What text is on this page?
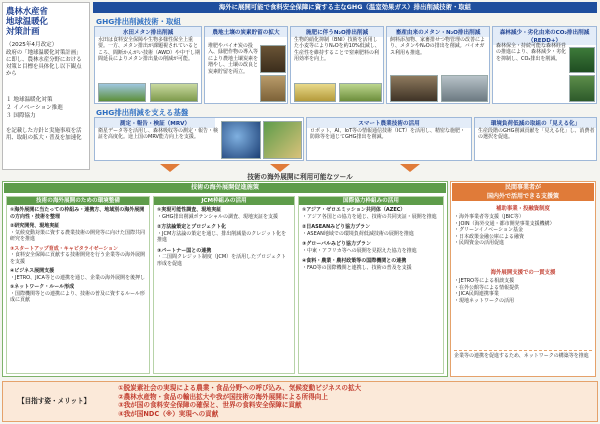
農林水産省
地球温暖化
対策計画
（2025年4月改定）
政府の「地球温暖化対策計画」に即し、農林水産分野における対策と目標を具体化し以下観点から
１ 地球温暖化対策
２ イノベーション推進
３ 国際協力
を記載した方針と実施事項を活用、取組の拡大・普及を加速化
海外に展開可能で食料安全保障に資する主なGHG（温室効果ガス）排出削減技術・取組
GHG排出削減技術・取組
水田メタン排出削減
水田は食料安全保障や生物多様性保全上重要。一方、メタン排出が課題視されているところ、間断かんがい技術（AWD）や中干し期間延長によりメタン排出量の削減が可能。
農地土壌の炭素貯留の拡大
堆肥やバイオ炭の投入、緑肥作物の導入等により農地土壌炭素を増やし、土壌の改良と炭素貯留を両立。
施肥に伴うN₂O排出削減
生物的硝化抑制（BNI）技術を活用した小麦等によりN₂Oを約10%低減し、生産性を維持することで窒素肥料の利用効率を向上。
畜産由来のメタン・N₂O排出削減
飼料添加物、家畜排せつ物管理の改善により、メタンやN₂Oの排出を削減。バイオガス利用も推進。
森林減少・劣化由来のCO₂排出削減（REDD+）
森林保全・持続可能な森林経営の推進により、森林減少・劣化を抑制し、CO₂排出を削減。
GHG排出削減を支える基盤
測定・報告・検証（MRV）
衛星データ等を活用し、森林吸収等の測定・報告・検証を高度化。途上国のMRV能力向上を支援。
スマート農業技術の活用
ロボット、AI、IoT等の情報通信技術（ICT）を活用し、精密な施肥・防除等を通じてGHG排出を削減。
環境負荷低減の取組の「見える化」
生産段階のGHG削減貢献を「見える化」し、消費者の選択を促進。
技術の海外展開に利用可能なツール
技術の海外展開促進施策
技術の海外展開のための環境整備
①海外展開に当たっての枠組み・連携方、地域別の海外展開の方向性・技術を整理
②研究開発、現地実証
・気候変動対策に資する農業技術の開発等に向けた国際共同研究を推進
③スタートアップ育成・キャピタライゼーション
・食料安全保障に貢献する技術開発を行う企業等の海外展開を支援
④ビジネス展開支援
・JETRO、JICA等との連携を通じ、企業の海外展開を後押し
⑤ネットワーク・ルール形成
・国際機関等との連携により、技術の普及に資するルール形成に貢献
JCM枠組みの活用
①実現可能性調査、現地実証
・GHG排出削減ポテンシャルの調査、現地実証を支援
②方法論策定とプロジェクト化
・JCM方法論の策定を通じ、排出削減量のクレジット化を推進
③パートナー国との連携
・二国間クレジット制度（JCM）を活用したプロジェクト形成を促進
国際協力枠組みの活用
①アジア・ゼロエミッション共同体（AZEC）
・アジア各国との協力を通じ、技術の共同実証・展開を推進
②日ASEANみどり協力プラン
・ASEAN地域での環境負荷低減技術の展開を推進
③グローバルみどり協力プラン
・中東・アフリカ等への展開を見据えた協力を推進
④食料・農業・農村政策等の国際機関との連携
・FAO等の国際機関と連携し、技術の普及を支援
民間事業者が
国内外で活用できる支援策
補助事業・投融資制度
・海外事業者等支援（JBIC等）
・JOIN（海外交通・都市開発事業支援機構）
・グリーンイノベーション基金
・日本政策金融公庫による融資
・民間資金の活用促進
海外展開支援での一貫支援
・JETRO等による相談支援
・在外公館等による情報提供
・JICA民間連携事業
・現地ネットワークの活用
企業等の連携を促進するため、ネットワークの構築等を推進
【目指す姿・メリット】
①脱炭素社会の実現による農業・食品分野への呼び込み、気候変動ビジネスの拡大
②農林水産物・食品の輸出拡大や我が国技術の海外展開による所得向上
③我が国の食料安全保障の確保と、世界の食料安全保障に貢献
④我が国NDC（※）実現への貢献
